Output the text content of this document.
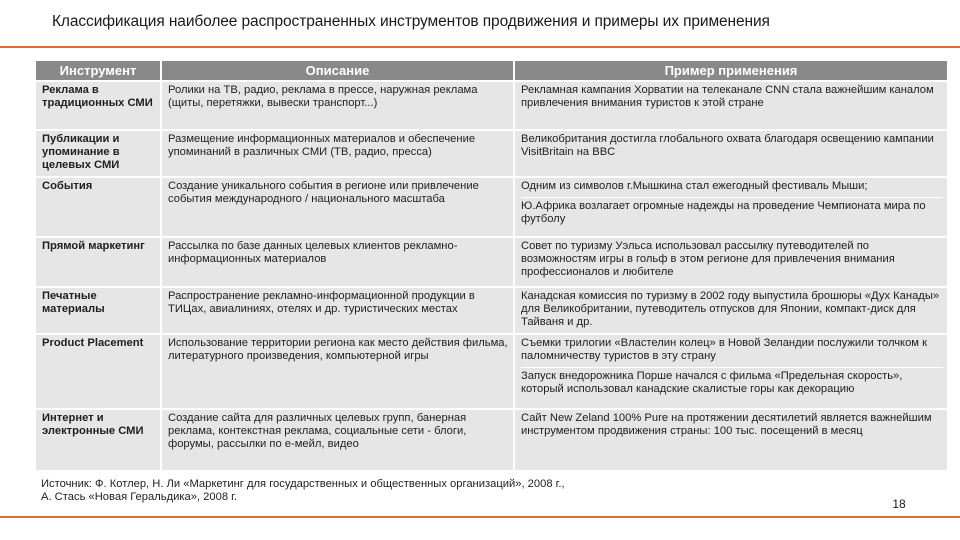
Классификация наиболее распространенных инструментов продвижения и примеры их применения
Инструмент	Описание	Пример применения
Реклама в традиционных СМИ	Ролики на ТВ, радио, реклама в прессе, наружная реклама (щиты, перетяжки, вывески транспорт...)	Рекламная кампания Хорватии на телеканале CNN стала важнейшим каналом привлечения внимания туристов к этой стране

Публикации и упоминание в целевых СМИ	Размещение информационных материалов и обеспечение упоминаний в различных СМИ (ТВ, радио, пресса)	Великобритания достигла глобального охвата благодаря освещению кампании VisitBritain на BBC

События	Создание уникального события в регионе или привлечение события международного / национального масштаба	Одним из символов г.Мышкина стал ежегодный фестиваль Мыши;
Ю.Африка возлагает огромные надежды на проведение Чемпионата мира по футболу

Прямой маркетинг	Рассылка по базе данных целевых клиентов рекламно-информационных материалов	Совет по туризму Уэльса использовал рассылку путеводителей по возможностям игры в гольф в этом регионе для привлечения внимания профессионалов и любителе

Печатные материалы	Распространение рекламно-информационной продукции в ТИЦах, авиалиниях, отелях и др. туристических местах	Канадская комиссия по туризму в 2002 году выпустила брошюры «Дух Канады» для Великобритании, путеводитель отпусков для Японии, компакт-диск для Тайваня и др.

Product Placement	Использование территории региона как место действия фильма, литературного произведения, компьютерной игры	Съемки трилогии «Властелин колец» в Новой Зеландии послужили толчком к паломничеству туристов в эту страну
Запуск внедорожника Порше начался с фильма «Предельная скорость», который использовал канадские скалистые горы как декорацию

Интернет и электронные СМИ	Создание сайта для различных целевых групп, банерная реклама, контекстная реклама, социальные сети - блоги, форумы, рассылки по е-мейл, видео	Сайт New Zeland 100% Pure на протяжении десятилетий является важнейшим инструментом продвижения страны: 100 тыс. посещений в месяц
Источник: Ф. Котлер, Н. Ли «Маркетинг для государственных и общественных организаций», 2008 г.,
А. Стась «Новая Геральдика», 2008 г.	18
